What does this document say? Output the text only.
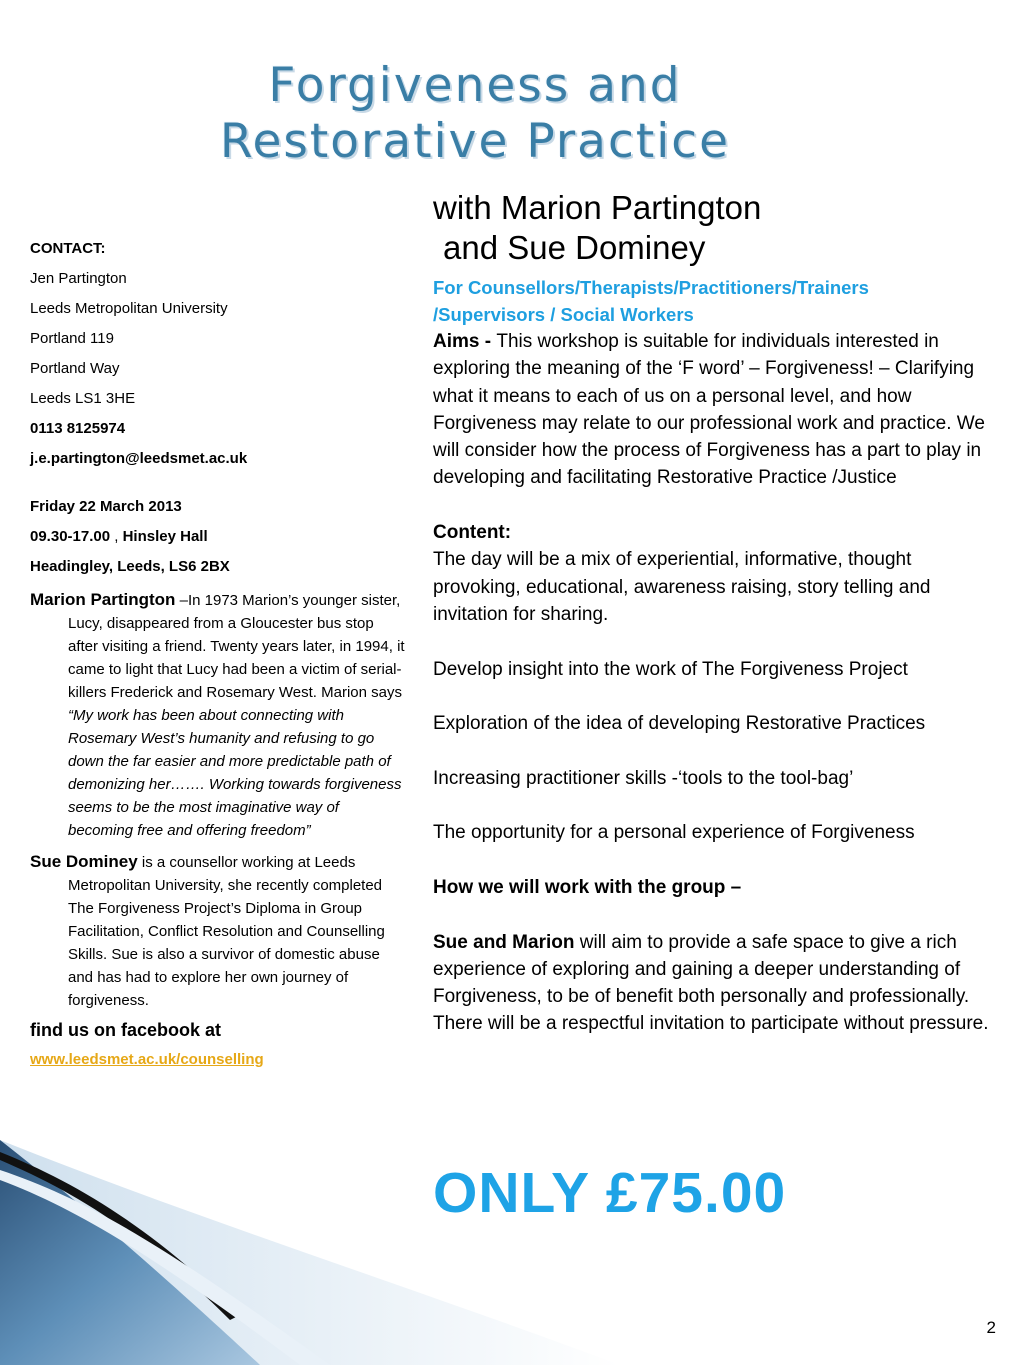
Forgiveness and
Restorative Practice
CONTACT:
Jen Partington
Leeds Metropolitan University
Portland 119
Portland Way
Leeds LS1 3HE
0113 8125974
j.e.partington@leedsmet.ac.uk
Friday 22 March 2013
09.30-17.00 , Hinsley Hall
Headingley, Leeds, LS6 2BX
Marion Partington –In 1973 Marion’s younger sister, Lucy, disappeared from a Gloucester bus stop after visiting a friend. Twenty years later, in 1994, it came to light that Lucy had been a victim of serial-killers Frederick and Rosemary West. Marion says “My work has been about connecting with Rosemary West’s humanity and refusing to go down the far easier and more predictable path of demonizing her……. Working towards forgiveness seems to be the most imaginative way of becoming free and offering freedom”
Sue Dominey is a counsellor working at Leeds Metropolitan University, she recently completed The Forgiveness Project’s Diploma in Group Facilitation, Conflict Resolution and Counselling Skills. Sue is also a survivor of domestic abuse and has had to explore her own journey of forgiveness.
find us on facebook at
www.leedsmet.ac.uk/counselling
with Marion Partington
and Sue Dominey
For Counsellors/Therapists/Practitioners/Trainers
/Supervisors / Social Workers

Aims - This workshop is suitable for individuals interested in exploring the meaning of the ‘F word’ – Forgiveness! – Clarifying what it means to each of us on a personal level, and how Forgiveness may relate to our professional work and practice. We will consider how the process of Forgiveness has a part to play in developing and facilitating Restorative Practice /Justice

Content:

The day will be a mix of experiential, informative, thought provoking, educational, awareness raising, story telling and invitation for sharing.

Develop insight into the work of The Forgiveness Project

Exploration of the idea of developing Restorative Practices

Increasing practitioner skills -‘tools to the tool-bag’

The opportunity for a personal experience of Forgiveness

How we will work with the group –

Sue and Marion will aim to provide a safe space to give a rich experience of exploring and gaining a deeper understanding of Forgiveness, to be of benefit both personally and professionally. There will be a respectful invitation to participate without pressure.

ONLY £75.00
2
